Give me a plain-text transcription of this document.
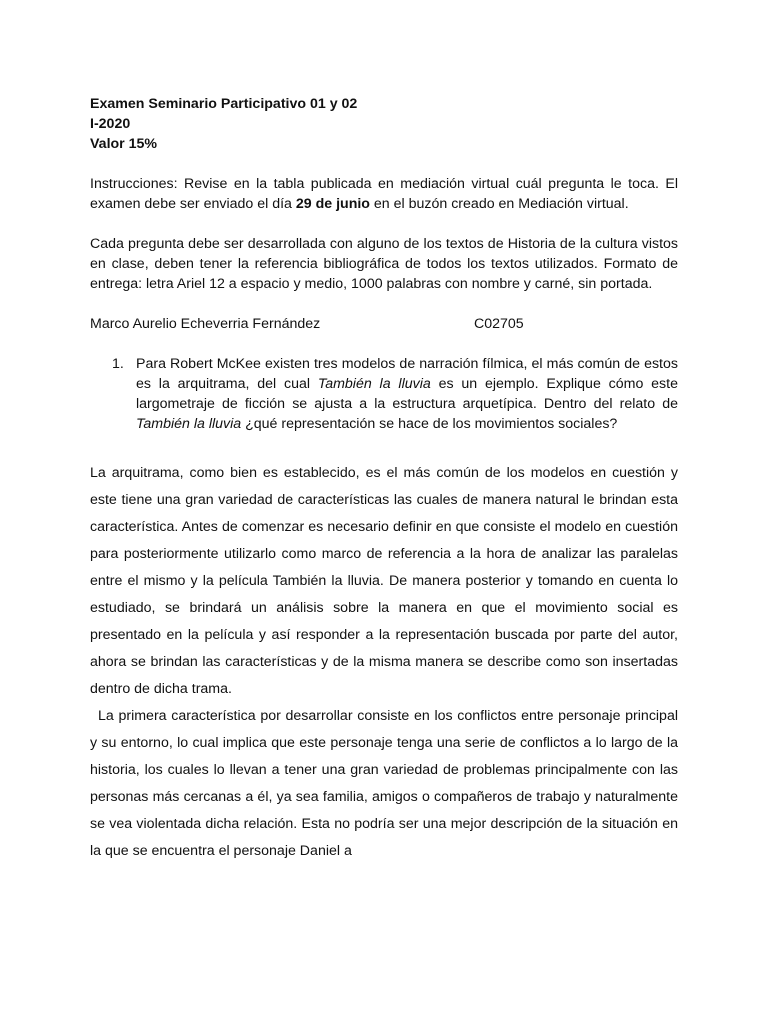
Examen Seminario Participativo 01 y 02

I-2020

Valor 15%

Instrucciones: Revise en la tabla publicada en mediación virtual cuál pregunta le toca. El examen debe ser enviado el día 29 de junio en el buzón creado en Mediación virtual.

Cada pregunta debe ser desarrollada con alguno de los textos de Historia de la cultura vistos en clase, deben tener la referencia bibliográfica de todos los textos utilizados. Formato de entrega: letra Ariel 12 a espacio y medio, 1000 palabras con nombre y carné, sin portada.

Marco Aurelio Echeverria Fernández	C02705

1. Para Robert McKee existen tres modelos de narración fílmica, el más común de estos es la arquitrama, del cual También la lluvia es un ejemplo. Explique cómo este largometraje de ficción se ajusta a la estructura arquetípica. Dentro del relato de También la lluvia ¿qué representación se hace de los movimientos sociales?

La arquitrama, como bien es establecido, es el más común de los modelos en cuestión y este tiene una gran variedad de características las cuales de manera natural le brindan esta característica. Antes de comenzar es necesario definir en que consiste el modelo en cuestión para posteriormente utilizarlo como marco de referencia a la hora de analizar las paralelas entre el mismo y la película También la lluvia. De manera posterior y tomando en cuenta lo estudiado, se brindará un análisis sobre la manera en que el movimiento social es presentado en la película y así responder a la representación buscada por parte del autor, ahora se brindan las características y de la misma manera se describe como son insertadas dentro de dicha trama.

La primera característica por desarrollar consiste en los conflictos entre personaje principal y su entorno, lo cual implica que este personaje tenga una serie de conflictos a lo largo de la historia, los cuales lo llevan a tener una gran variedad de problemas principalmente con las personas más cercanas a él, ya sea familia, amigos o compañeros de trabajo y naturalmente se vea violentada dicha relación. Esta no podría ser una mejor descripción de la situación en la que se encuentra el personaje Daniel a
